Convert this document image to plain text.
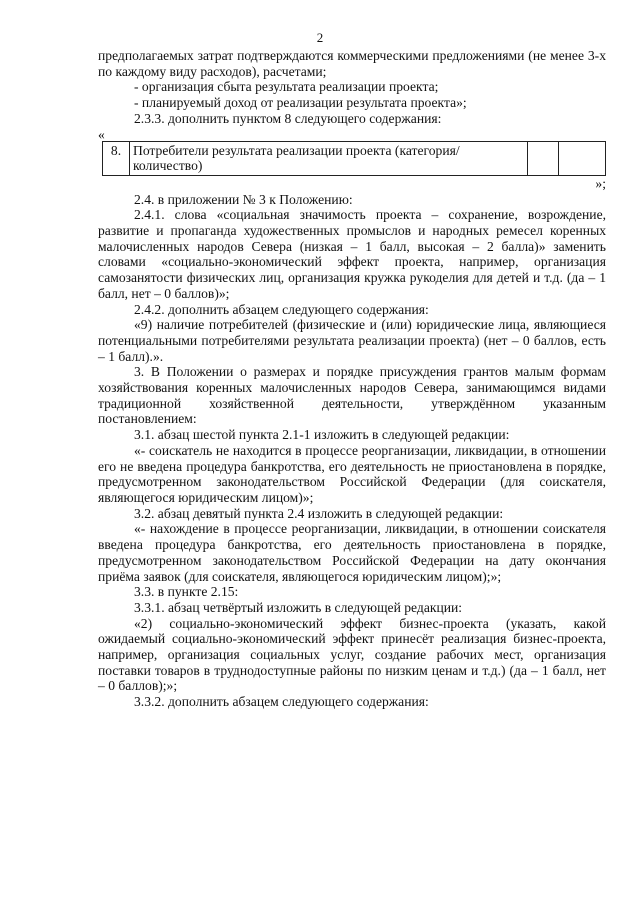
2

предполагаемых затрат подтверждаются коммерческими предложениями (не менее 3-х по каждому виду расходов), расчетами;

- организация сбыта результата реализации проекта;

- планируемый доход от реализации результата проекта»;

2.3.3. дополнить пунктом 8 следующего содержания:

«

8.	Потребители результата реализации проекта (категория/количество)		

»;

2.4. в приложении № 3 к Положению:

2.4.1. слова «социальная значимость проекта – сохранение, возрождение, развитие и пропаганда художественных промыслов и народных ремесел коренных малочисленных народов Севера (низкая – 1 балл, высокая – 2 балла)» заменить словами «социально-экономический эффект проекта, например, организация самозанятости физических лиц, организация кружка рукоделия для детей и т.д. (да – 1 балл, нет – 0 баллов)»;

2.4.2. дополнить абзацем следующего содержания:

«9) наличие потребителей (физические и (или) юридические лица, являющиеся потенциальными потребителями результата реализации проекта) (нет – 0 баллов, есть – 1 балл).».

3. В Положении о размерах и порядке присуждения грантов малым формам хозяйствования коренных малочисленных народов Севера, занимающимся видами традиционной хозяйственной деятельности, утверждённом указанным постановлением:

3.1. абзац шестой пункта 2.1-1 изложить в следующей редакции:

«- соискатель не находится в процессе реорганизации, ликвидации, в отношении его не введена процедура банкротства, его деятельность не приостановлена в порядке, предусмотренном законодательством Российской Федерации (для соискателя, являющегося юридическим лицом)»;

3.2. абзац девятый пункта 2.4 изложить в следующей редакции:

«- нахождение в процессе реорганизации, ликвидации, в отношении соискателя введена процедура банкротства, его деятельность приостановлена в порядке, предусмотренном законодательством Российской Федерации на дату окончания приёма заявок (для соискателя, являющегося юридическим лицом);»;

3.3. в пункте 2.15:

3.3.1. абзац четвёртый изложить в следующей редакции:

«2) социально-экономический эффект бизнес-проекта (указать, какой ожидаемый социально-экономический эффект принесёт реализация бизнес-проекта, например, организация социальных услуг, создание рабочих мест, организация поставки товаров в труднодоступные районы по низким ценам и т.д.) (да – 1 балл, нет – 0 баллов);»;

3.3.2. дополнить абзацем следующего содержания:
